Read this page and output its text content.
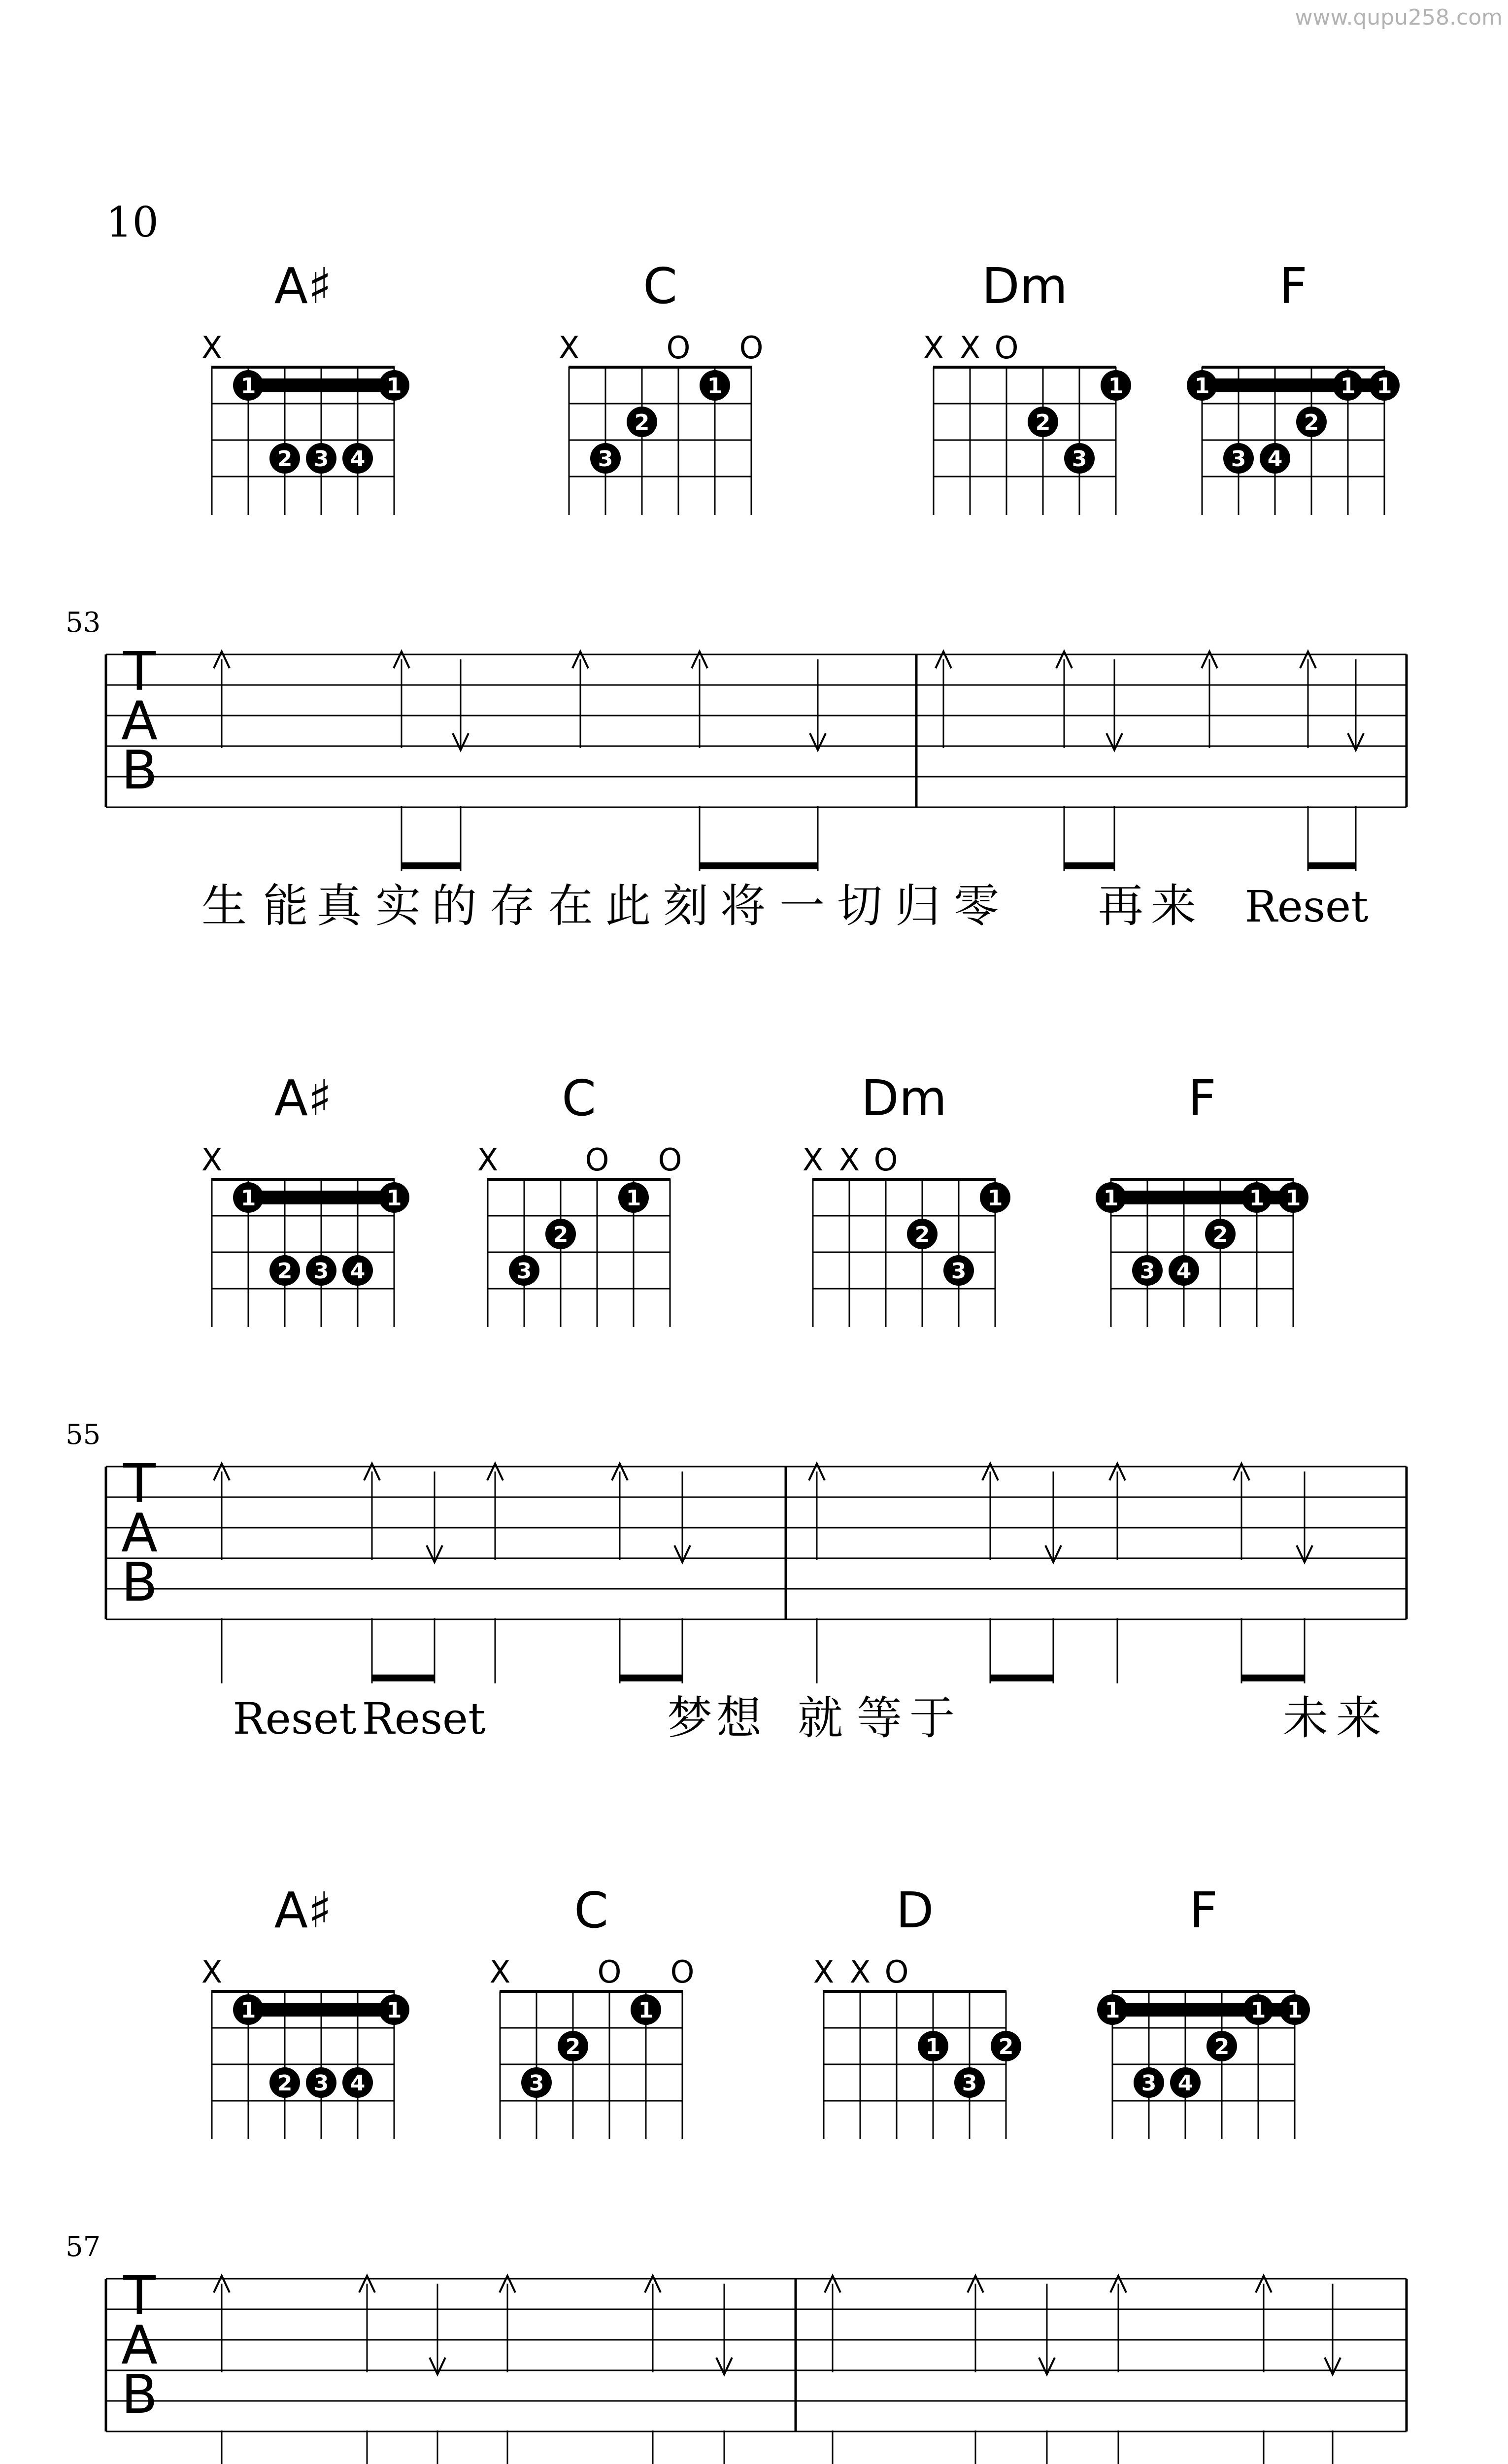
www.qupu258.com
10
A♯
X
1	1
2 3 4
C
X	O O
1
2
3
Dm
X X O
1
2
3
F
1	1
1
2
3 4
53
T
A
B
生 能 真 实 的 存 在 此 刻 将 一 切 归 零 再 来 Reset
A♯
X
1	1
2 3 4
C
X	O O
1
2
3
Dm
X X O
1
2
3
F
1	1
1
2
3 4
55
T
A
B
Reset Reset	梦 想 就 等 于	未 来
A♯
X
1	1
2 3 4
C
X	O O
1
2
3
D
X X O
1	2
3
F
1	1
1
2
3 4
57
T
A
B
